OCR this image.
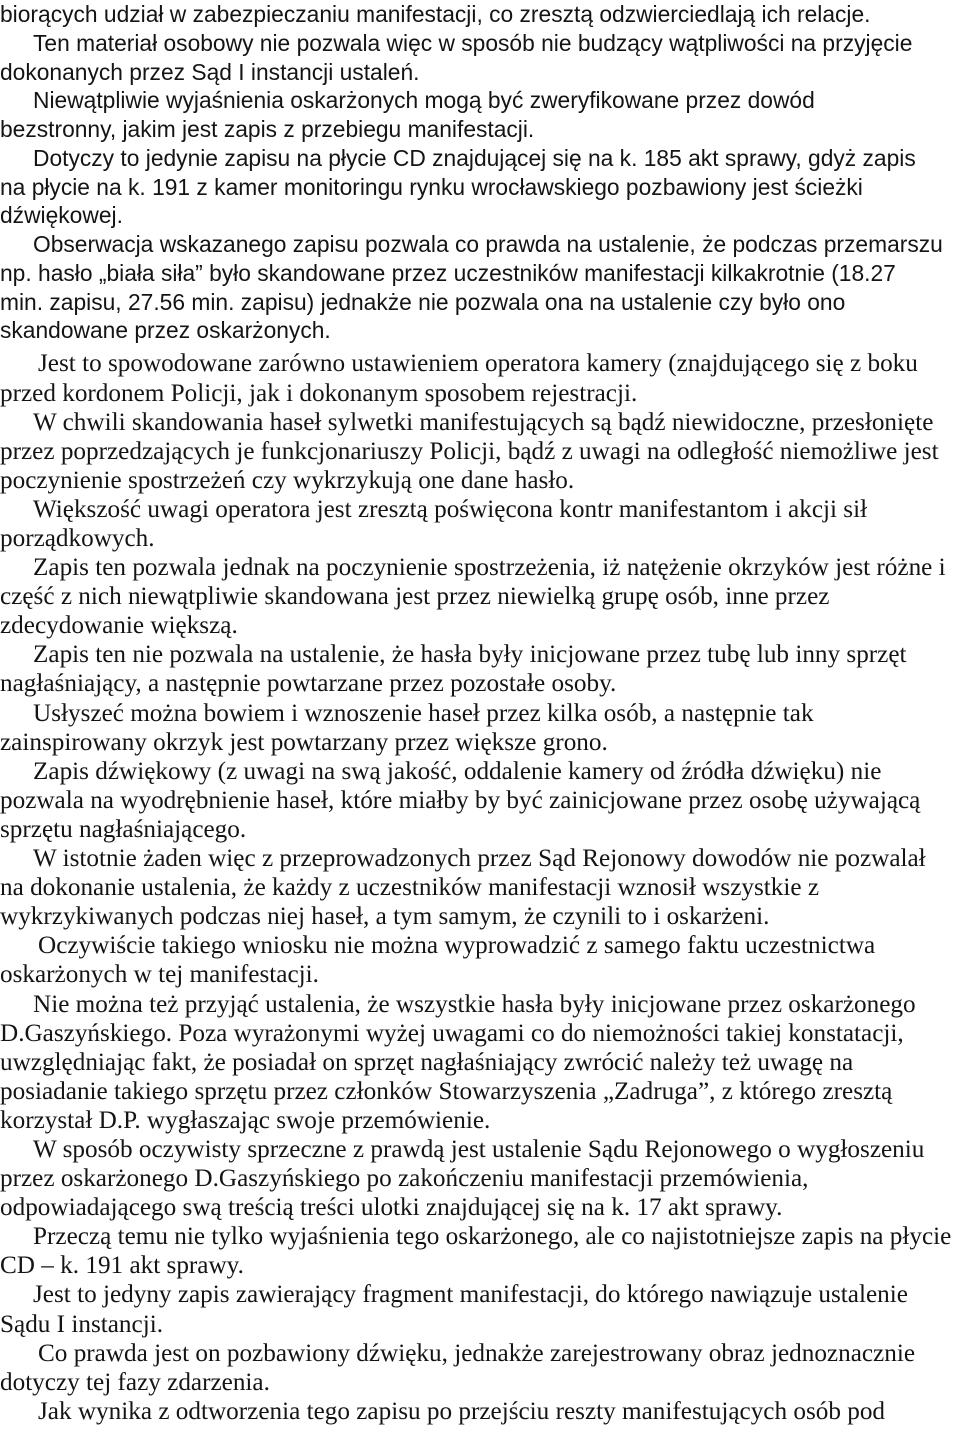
biorących udział w zabezpieczaniu manifestacji, co zresztą odzwierciedlają ich relacje.
Ten materiał osobowy nie pozwala więc w sposób nie budzący wątpliwości na przyjęcie
dokonanych przez Sąd I instancji ustaleń.
Niewątpliwie wyjaśnienia oskarżonych mogą być zweryfikowane przez dowód
bezstronny, jakim jest zapis z przebiegu manifestacji.
Dotyczy to jedynie zapisu na płycie CD znajdującej się na k. 185 akt sprawy, gdyż zapis
na płycie na k. 191 z kamer monitoringu rynku wrocławskiego pozbawiony jest ścieżki
dźwiękowej.
Obserwacja wskazanego zapisu pozwala co prawda na ustalenie, że podczas przemarszu
np. hasło „biała siła” było skandowane przez uczestników manifestacji kilkakrotnie (18.27
min. zapisu, 27.56 min. zapisu) jednakże nie pozwala ona na ustalenie czy było ono
skandowane przez oskarżonych.
Jest to spowodowane zarówno ustawieniem operatora kamery (znajdującego się z boku
przed kordonem Policji, jak i dokonanym sposobem rejestracji.
W chwili skandowania haseł sylwetki manifestujących są bądź niewidoczne, przesłonięte
przez poprzedzających je funkcjonariuszy Policji, bądź z uwagi na odległość niemożliwe jest
poczynienie spostrzeżeń czy wykrzykują one dane hasło.
Większość uwagi operatora jest zresztą poświęcona kontr manifestantom i akcji sił
porządkowych.
Zapis ten pozwala jednak na poczynienie spostrzeżenia, iż natężenie okrzyków jest różne i
część z nich niewątpliwie skandowana jest przez niewielką grupę osób, inne przez
zdecydowanie większą.
Zapis ten nie pozwala na ustalenie, że hasła były inicjowane przez tubę lub inny sprzęt
nagłaśniający, a następnie powtarzane przez pozostałe osoby.
Usłyszeć można bowiem i wznoszenie haseł przez kilka osób, a następnie tak
zainspirowany okrzyk jest powtarzany przez większe grono.
Zapis dźwiękowy (z uwagi na swą jakość, oddalenie kamery od źródła dźwięku) nie
pozwala na wyodrębnienie haseł, które miałby by być zainicjowane przez osobę używającą
sprzętu nagłaśniającego.
W istotnie żaden więc z przeprowadzonych przez Sąd Rejonowy dowodów nie pozwalał
na dokonanie ustalenia, że każdy z uczestników manifestacji wznosił wszystkie z
wykrzykiwanych podczas niej haseł, a tym samym, że czynili to i oskarżeni.
Oczywiście takiego wniosku nie można wyprowadzić z samego faktu uczestnictwa
oskarżonych w tej manifestacji.
Nie można też przyjąć ustalenia, że wszystkie hasła były inicjowane przez oskarżonego
D.Gaszyńskiego. Poza wyrażonymi wyżej uwagami co do niemożności takiej konstatacji,
uwzględniając fakt, że posiadał on sprzęt nagłaśniający zwrócić należy też uwagę na
posiadanie takiego sprzętu przez członków Stowarzyszenia „Zadruga”, z którego zresztą
korzystał D.P. wygłaszając swoje przemówienie.
W sposób oczywisty sprzeczne z prawdą jest ustalenie Sądu Rejonowego o wygłoszeniu
przez oskarżonego D.Gaszyńskiego po zakończeniu manifestacji przemówienia,
odpowiadającego swą treścią treści ulotki znajdującej się na k. 17 akt sprawy.
Przeczą temu nie tylko wyjaśnienia tego oskarżonego, ale co najistotniejsze zapis na płycie
CD – k. 191 akt sprawy.
Jest to jedyny zapis zawierający fragment manifestacji, do którego nawiązuje ustalenie
Sądu I instancji.
Co prawda jest on pozbawiony dźwięku, jednakże zarejestrowany obraz jednoznacznie
dotyczy tej fazy zdarzenia.
Jak wynika z odtworzenia tego zapisu po przejściu reszty manifestujących osób pod
